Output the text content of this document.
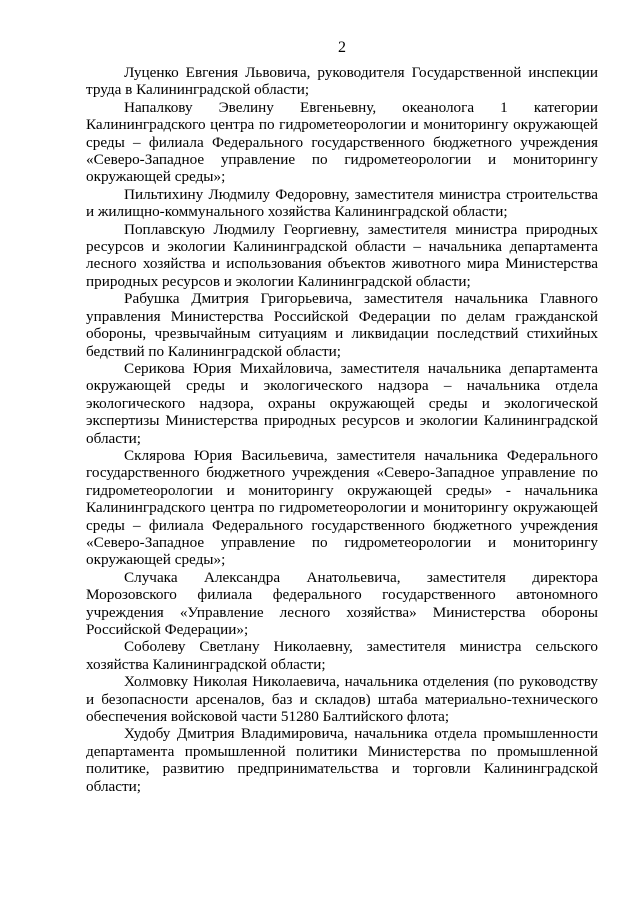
2

Луценко Евгения Львовича, руководителя Государственной инспекции труда в Калининградской области;

Напалкову Эвелину Евгеньевну, океанолога 1 категории Калининградского центра по гидрометеорологии и мониторингу окружающей среды – филиала Федерального государственного бюджетного учреждения «Северо-Западное управление по гидрометеорологии и мониторингу окружающей среды»;

Пильтихину Людмилу Федоровну, заместителя министра строительства и жилищно-коммунального хозяйства Калининградской области;

Поплавскую Людмилу Георгиевну, заместителя министра природных ресурсов и экологии Калининградской области – начальника департамента лесного хозяйства и использования объектов животного мира Министерства природных ресурсов и экологии Калининградской области;

Рабушка Дмитрия Григорьевича, заместителя начальника Главного управления Министерства Российской Федерации по делам гражданской обороны, чрезвычайным ситуациям и ликвидации последствий стихийных бедствий по Калининградской области;

Серикова Юрия Михайловича, заместителя начальника департамента окружающей среды и экологического надзора – начальника отдела экологического надзора, охраны окружающей среды и экологической экспертизы Министерства природных ресурсов и экологии Калининградской области;

Склярова Юрия Васильевича, заместителя начальника Федерального государственного бюджетного учреждения «Северо-Западное управление по гидрометеорологии и мониторингу окружающей среды» - начальника Калининградского центра по гидрометеорологии и мониторингу окружающей среды – филиала Федерального государственного бюджетного учреждения «Северо-Западное управление по гидрометеорологии и мониторингу окружающей среды»;

Случака Александра Анатольевича, заместителя директора Морозовского филиала федерального государственного автономного учреждения «Управление лесного хозяйства» Министерства обороны Российской Федерации»;

Соболеву Светлану Николаевну, заместителя министра сельского хозяйства Калининградской области;

Холмовку Николая Николаевича, начальника отделения (по руководству и безопасности арсеналов, баз и складов) штаба материально-технического обеспечения войсковой части 51280 Балтийского флота;

Худобу Дмитрия Владимировича, начальника отдела промышленности департамента промышленной политики Министерства по промышленной политике, развитию предпринимательства и торговли Калининградской области;
